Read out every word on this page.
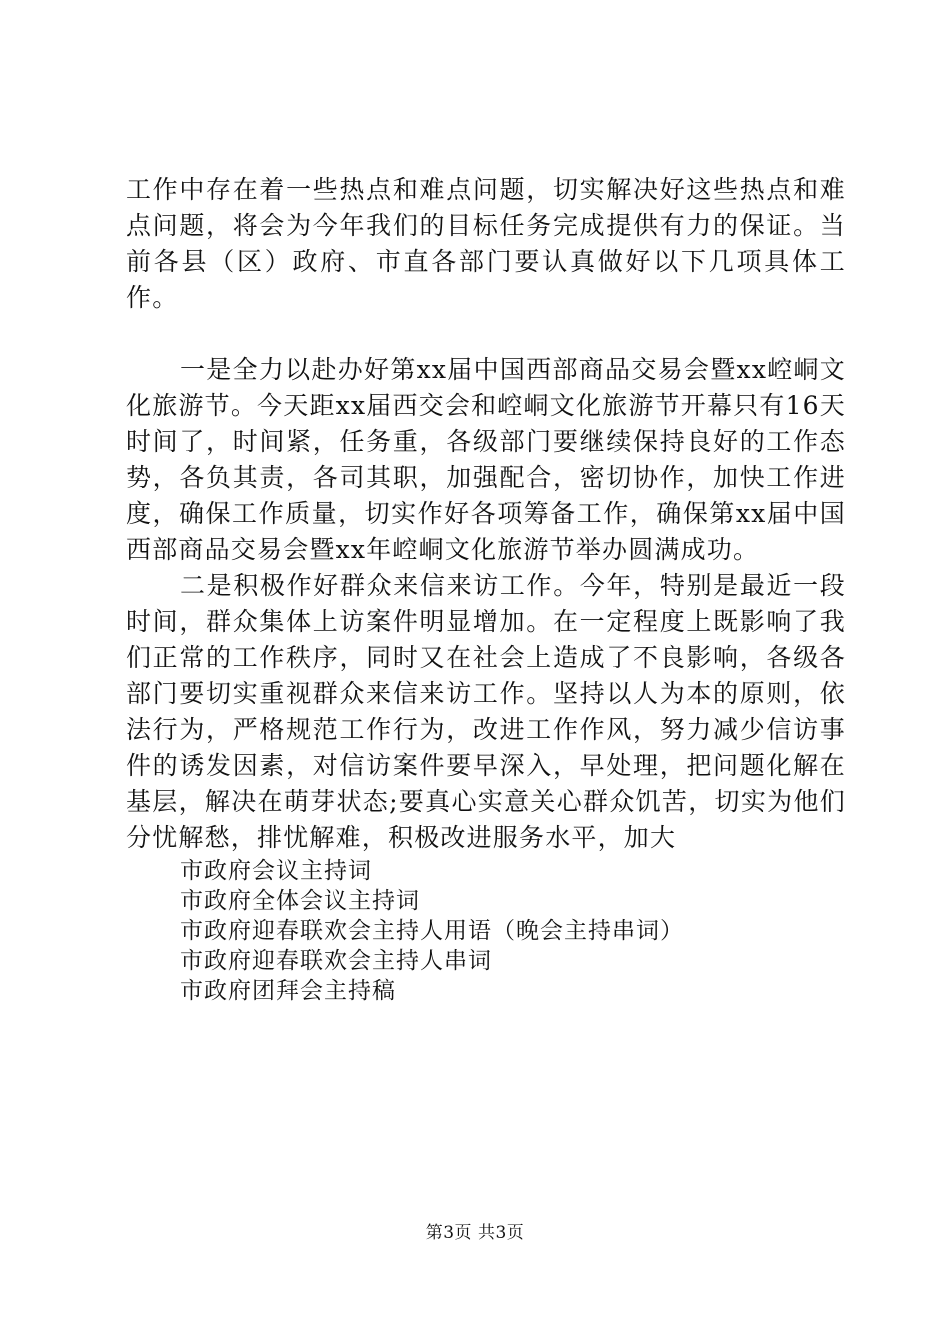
工作中存在着一些热点和难点问题，切实解决好这些热点和难点问题，将会为今年我们的目标任务完成提供有力的保证。当前各县（区）政府、市直各部门要认真做好以下几项具体工作。

一是全力以赴办好第xx届中国西部商品交易会暨xx崆峒文化旅游节。今天距xx届西交会和崆峒文化旅游节开幕只有16天时间了，时间紧，任务重，各级部门要继续保持良好的工作态势，各负其责，各司其职，加强配合，密切协作，加快工作进度，确保工作质量，切实作好各项筹备工作，确保第xx届中国西部商品交易会暨xx年崆峒文化旅游节举办圆满成功。

二是积极作好群众来信来访工作。今年，特别是最近一段时间，群众集体上访案件明显增加。在一定程度上既影响了我们正常的工作秩序，同时又在社会上造成了不良影响，各级各部门要切实重视群众来信来访工作。坚持以人为本的原则，依法行为，严格规范工作行为，改进工作作风，努力减少信访事件的诱发因素，对信访案件要早深入，早处理，把问题化解在基层，解决在萌芽状态;要真心实意关心群众饥苦，切实为他们分忧解愁，排忧解难，积极改进服务水平，加大

市政府会议主持词
市政府全体会议主持词
市政府迎春联欢会主持人用语（晚会主持串词）
市政府迎春联欢会主持人串词
市政府团拜会主持稿
第3页 共3页
